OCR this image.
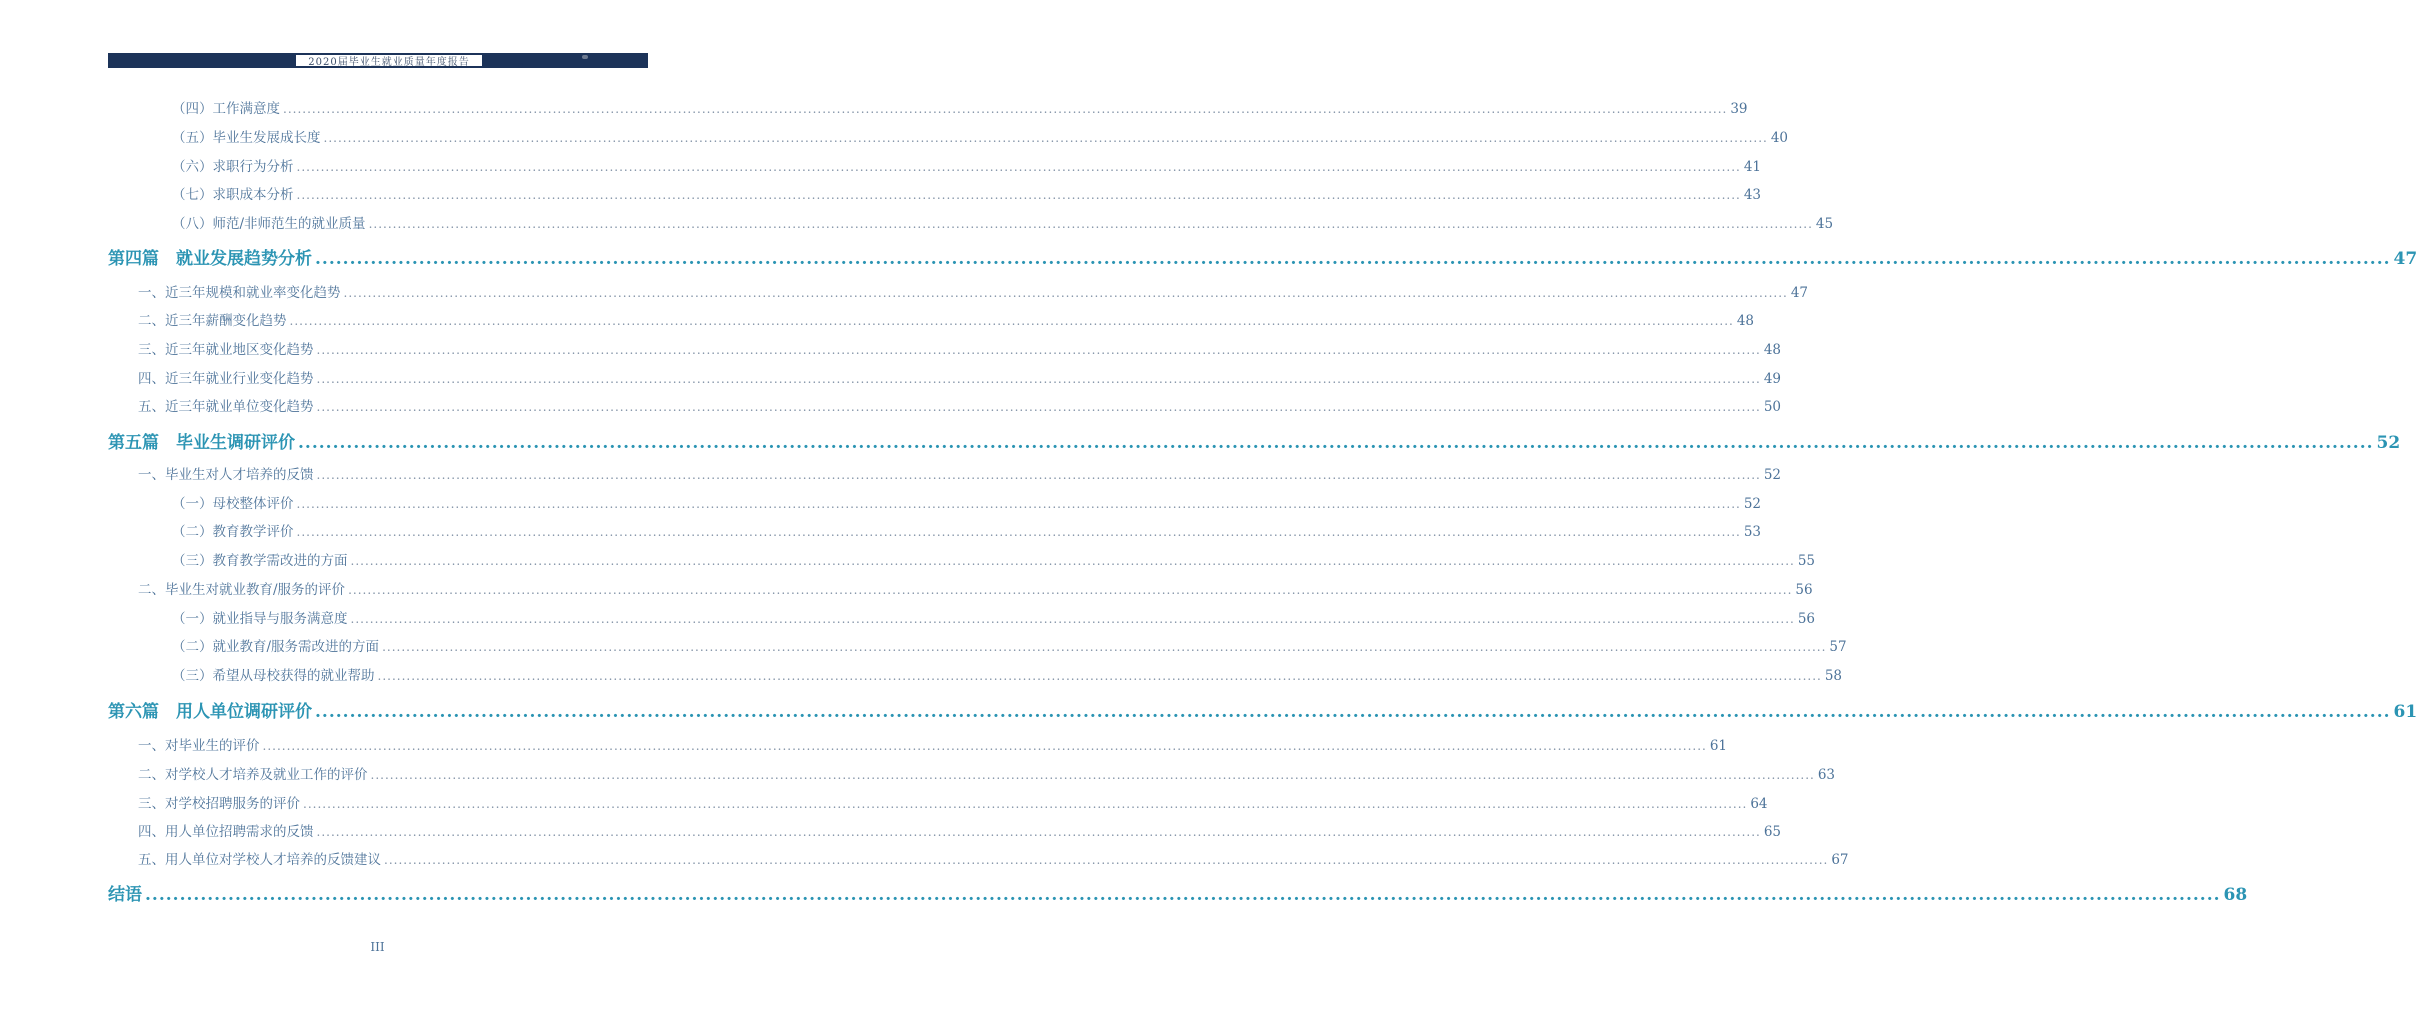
2020届毕业生就业质量年度报告
（四）工作满意度 ............................................................................................................................................................................................................................................................................................................ 39
（五）毕业生发展成长度 ............................................................................................................................................................................................................................................................................................................ 40
（六）求职行为分析 ............................................................................................................................................................................................................................................................................................................ 41
（七）求职成本分析 ............................................................................................................................................................................................................................................................................................................ 43
（八）师范/非师范生的就业质量 ............................................................................................................................................................................................................................................................................................................ 45
第四篇　就业发展趋势分析 ............................................................................................................................................................................................................................................................................................................ 47
一、近三年规模和就业率变化趋势 ............................................................................................................................................................................................................................................................................................................ 47
二、近三年薪酬变化趋势 ............................................................................................................................................................................................................................................................................................................ 48
三、近三年就业地区变化趋势 ............................................................................................................................................................................................................................................................................................................ 48
四、近三年就业行业变化趋势 ............................................................................................................................................................................................................................................................................................................ 49
五、近三年就业单位变化趋势 ............................................................................................................................................................................................................................................................................................................ 50
第五篇　毕业生调研评价 ............................................................................................................................................................................................................................................................................................................ 52
一、毕业生对人才培养的反馈 ............................................................................................................................................................................................................................................................................................................ 52
（一）母校整体评价 ............................................................................................................................................................................................................................................................................................................ 52
（二）教育教学评价 ............................................................................................................................................................................................................................................................................................................ 53
（三）教育教学需改进的方面 ............................................................................................................................................................................................................................................................................................................ 55
二、毕业生对就业教育/服务的评价 ............................................................................................................................................................................................................................................................................................................ 56
（一）就业指导与服务满意度 ............................................................................................................................................................................................................................................................................................................ 56
（二）就业教育/服务需改进的方面 ............................................................................................................................................................................................................................................................................................................ 57
（三）希望从母校获得的就业帮助 ............................................................................................................................................................................................................................................................................................................ 58
第六篇　用人单位调研评价 ............................................................................................................................................................................................................................................................................................................ 61
一、对毕业生的评价 ............................................................................................................................................................................................................................................................................................................ 61
二、对学校人才培养及就业工作的评价 ............................................................................................................................................................................................................................................................................................................ 63
三、对学校招聘服务的评价 ............................................................................................................................................................................................................................................................................................................ 64
四、用人单位招聘需求的反馈 ............................................................................................................................................................................................................................................................................................................ 65
五、用人单位对学校人才培养的反馈建议 ............................................................................................................................................................................................................................................................................................................ 67
结语 ............................................................................................................................................................................................................................................................................................................ 68
III
